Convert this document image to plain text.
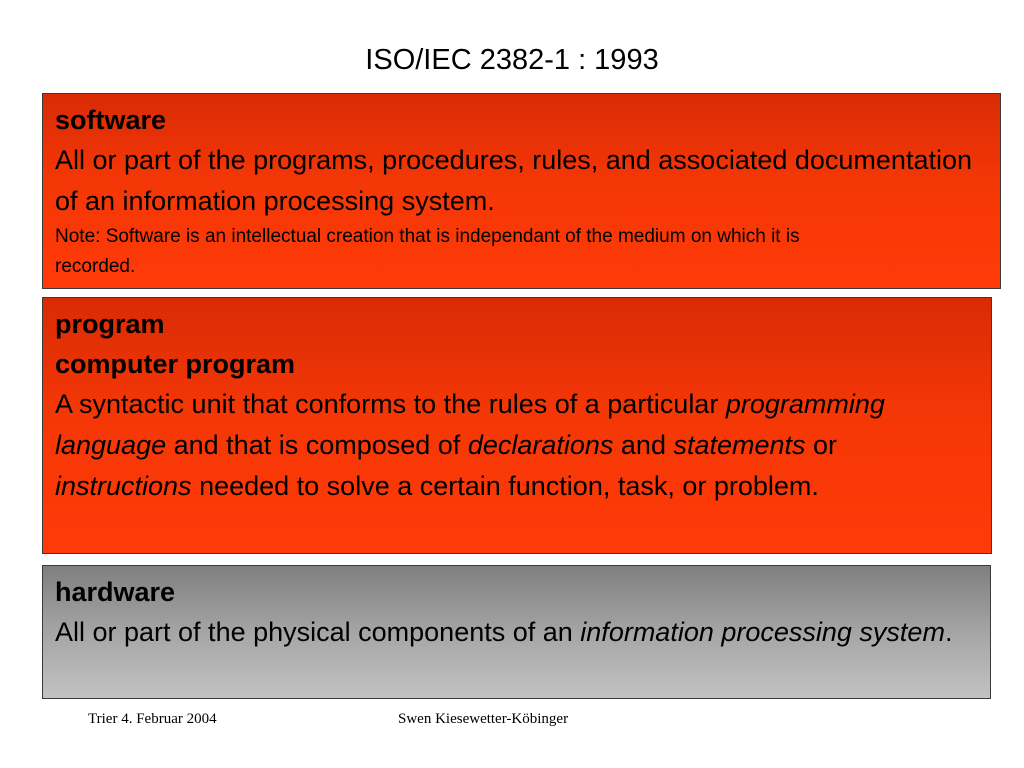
ISO/IEC 2382-1 : 1993
software
All or part of the programs, procedures, rules, and associated documentation of an information processing system.
Note: Software is an intellectual creation that is independant of the medium on which it is recorded.
program
computer program
A syntactic unit that conforms to the rules of a particular programming language and that is composed of declarations and statements or instructions needed to solve a certain function, task, or problem.
hardware
All or part of the physical components of an information processing system.
Trier 4. Februar 2004	Swen Kiesewetter-Köbinger
